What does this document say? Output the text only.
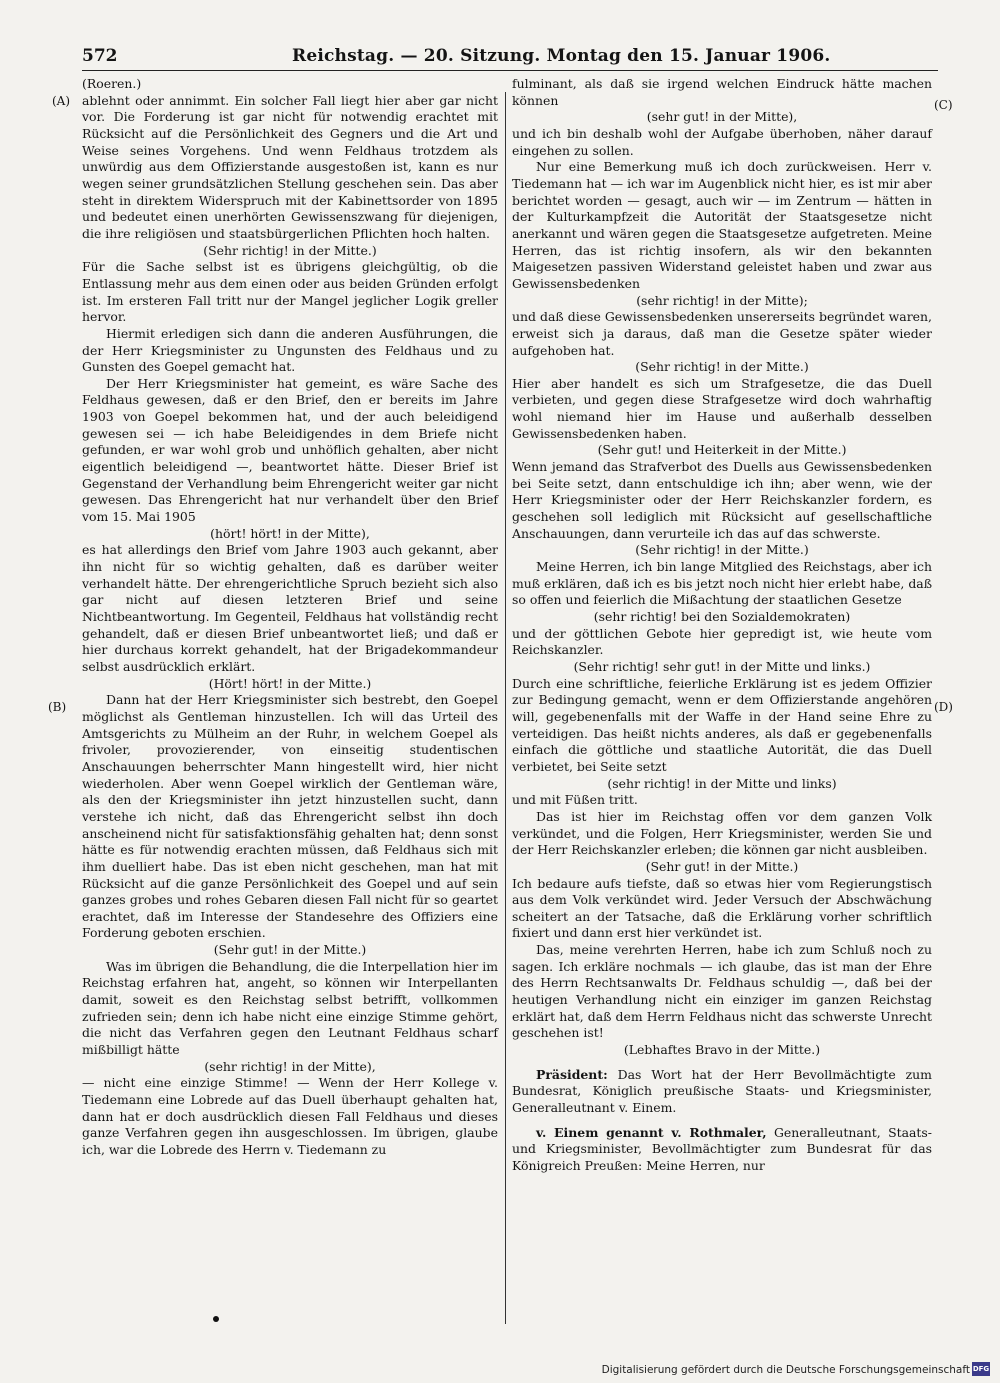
572	Reichstag. — 20. Sitzung. Montag den 15. Januar 1906.
(A)
(B)
(C)
(D)

(Roeren.)

ablehnt oder annimmt. Ein solcher Fall liegt hier aber gar nicht vor. Die Forderung ist gar nicht für notwendig erachtet mit Rücksicht auf die Persönlichkeit des Gegners und die Art und Weise seines Vorgehens. Und wenn Feldhaus trotzdem als unwürdig aus dem Offizierstande ausgestoßen ist, kann es nur wegen seiner grundsätzlichen Stellung geschehen sein. Das aber steht in direktem Widerspruch mit der Kabinettsorder von 1895 und bedeutet einen unerhörten Gewissenszwang für diejenigen, die ihre religiösen und staatsbürgerlichen Pflichten hoch halten.

(Sehr richtig! in der Mitte.)

Für die Sache selbst ist es übrigens gleichgültig, ob die Entlassung mehr aus dem einen oder aus beiden Gründen erfolgt ist. Im ersteren Fall tritt nur der Mangel jeglicher Logik greller hervor.

Hiermit erledigen sich dann die anderen Ausführungen, die der Herr Kriegsminister zu Ungunsten des Feldhaus und zu Gunsten des Goepel gemacht hat.

Der Herr Kriegsminister hat gemeint, es wäre Sache des Feldhaus gewesen, daß er den Brief, den er bereits im Jahre 1903 von Goepel bekommen hat, und der auch beleidigend gewesen sei — ich habe Beleidigendes in dem Briefe nicht gefunden, er war wohl grob und unhöflich gehalten, aber nicht eigentlich beleidigend —, beantwortet hätte. Dieser Brief ist Gegenstand der Verhandlung beim Ehrengericht weiter gar nicht gewesen. Das Ehrengericht hat nur verhandelt über den Brief vom 15. Mai 1905

(hört! hört! in der Mitte),

es hat allerdings den Brief vom Jahre 1903 auch gekannt, aber ihn nicht für so wichtig gehalten, daß es darüber weiter verhandelt hätte. Der ehrengerichtliche Spruch bezieht sich also gar nicht auf diesen letzteren Brief und seine Nichtbeantwortung. Im Gegenteil, Feldhaus hat vollständig recht gehandelt, daß er diesen Brief unbeantwortet ließ; und daß er hier durchaus korrekt gehandelt, hat der Brigadekommandeur selbst ausdrücklich erklärt.

(Hört! hört! in der Mitte.)

Dann hat der Herr Kriegsminister sich bestrebt, den Goepel möglichst als Gentleman hinzustellen. Ich will das Urteil des Amtsgerichts zu Mülheim an der Ruhr, in welchem Goepel als frivoler, provozierender, von einseitig studentischen Anschauungen beherrschter Mann hingestellt wird, hier nicht wiederholen. Aber wenn Goepel wirklich der Gentleman wäre, als den der Kriegsminister ihn jetzt hinzustellen sucht, dann verstehe ich nicht, daß das Ehrengericht selbst ihn doch anscheinend nicht für satisfaktionsfähig gehalten hat; denn sonst hätte es für notwendig erachten müssen, daß Feldhaus sich mit ihm duelliert habe. Das ist eben nicht geschehen, man hat mit Rücksicht auf die ganze Persönlichkeit des Goepel und auf sein ganzes grobes und rohes Gebaren diesen Fall nicht für so geartet erachtet, daß im Interesse der Standesehre des Offiziers eine Forderung geboten erschien.

(Sehr gut! in der Mitte.)

Was im übrigen die Behandlung, die die Interpellation hier im Reichstag erfahren hat, angeht, so können wir Interpellanten damit, soweit es den Reichstag selbst betrifft, vollkommen zufrieden sein; denn ich habe nicht eine einzige Stimme gehört, die nicht das Verfahren gegen den Leutnant Feldhaus scharf mißbilligt hätte

(sehr richtig! in der Mitte),

— nicht eine einzige Stimme! — Wenn der Herr Kollege v. Tiedemann eine Lobrede auf das Duell überhaupt gehalten hat, dann hat er doch ausdrücklich diesen Fall Feldhaus und dieses ganze Verfahren gegen ihn ausgeschlossen. Im übrigen, glaube ich, war die Lobrede des Herrn v. Tiedemann zu

fulminant, als daß sie irgend welchen Eindruck hätte machen können

(sehr gut! in der Mitte),

und ich bin deshalb wohl der Aufgabe überhoben, näher darauf eingehen zu sollen.

Nur eine Bemerkung muß ich doch zurückweisen. Herr v. Tiedemann hat — ich war im Augenblick nicht hier, es ist mir aber berichtet worden — gesagt, auch wir — im Zentrum — hätten in der Kulturkampfzeit die Autorität der Staatsgesetze nicht anerkannt und wären gegen die Staatsgesetze aufgetreten. Meine Herren, das ist richtig insofern, als wir den bekannten Maigesetzen passiven Widerstand geleistet haben und zwar aus Gewissensbedenken

(sehr richtig! in der Mitte);

und daß diese Gewissensbedenken unsererseits begründet waren, erweist sich ja daraus, daß man die Gesetze später wieder aufgehoben hat.

(Sehr richtig! in der Mitte.)

Hier aber handelt es sich um Strafgesetze, die das Duell verbieten, und gegen diese Strafgesetze wird doch wahrhaftig wohl niemand hier im Hause und außerhalb desselben Gewissensbedenken haben.

(Sehr gut! und Heiterkeit in der Mitte.)

Wenn jemand das Strafverbot des Duells aus Gewissensbedenken bei Seite setzt, dann entschuldige ich ihn; aber wenn, wie der Herr Kriegsminister oder der Herr Reichskanzler fordern, es geschehen soll lediglich mit Rücksicht auf gesellschaftliche Anschauungen, dann verurteile ich das auf das schwerste.

(Sehr richtig! in der Mitte.)

Meine Herren, ich bin lange Mitglied des Reichstags, aber ich muß erklären, daß ich es bis jetzt noch nicht hier erlebt habe, daß so offen und feierlich die Mißachtung der staatlichen Gesetze

(sehr richtig! bei den Sozialdemokraten)

und der göttlichen Gebote hier gepredigt ist, wie heute vom Reichskanzler.

(Sehr richtig! sehr gut! in der Mitte und links.)

Durch eine schriftliche, feierliche Erklärung ist es jedem Offizier zur Bedingung gemacht, wenn er dem Offizierstande angehören will, gegebenenfalls mit der Waffe in der Hand seine Ehre zu verteidigen. Das heißt nichts anderes, als daß er gegebenenfalls einfach die göttliche und staatliche Autorität, die das Duell verbietet, bei Seite setzt

(sehr richtig! in der Mitte und links)

und mit Füßen tritt.

Das ist hier im Reichstag offen vor dem ganzen Volk verkündet, und die Folgen, Herr Kriegsminister, werden Sie und der Herr Reichskanzler erleben; die können gar nicht ausbleiben.

(Sehr gut! in der Mitte.)

Ich bedaure aufs tiefste, daß so etwas hier vom Regierungstisch aus dem Volk verkündet wird. Jeder Versuch der Abschwächung scheitert an der Tatsache, daß die Erklärung vorher schriftlich fixiert und dann erst hier verkündet ist.

Das, meine verehrten Herren, habe ich zum Schluß noch zu sagen. Ich erkläre nochmals — ich glaube, das ist man der Ehre des Herrn Rechtsanwalts Dr. Feldhaus schuldig —, daß bei der heutigen Verhandlung nicht ein einziger im ganzen Reichstag erklärt hat, daß dem Herrn Feldhaus nicht das schwerste Unrecht geschehen ist!

(Lebhaftes Bravo in der Mitte.)

Präsident: Das Wort hat der Herr Bevollmächtigte zum Bundesrat, Königlich preußische Staats- und Kriegsminister, Generalleutnant v. Einem.

v. Einem genannt v. Rothmaler, Generalleutnant, Staats- und Kriegsminister, Bevollmächtigter zum Bundesrat für das Königreich Preußen: Meine Herren, nur

Digitalisierung gefördert durch die Deutsche Forschungsgemeinschaft DFG
